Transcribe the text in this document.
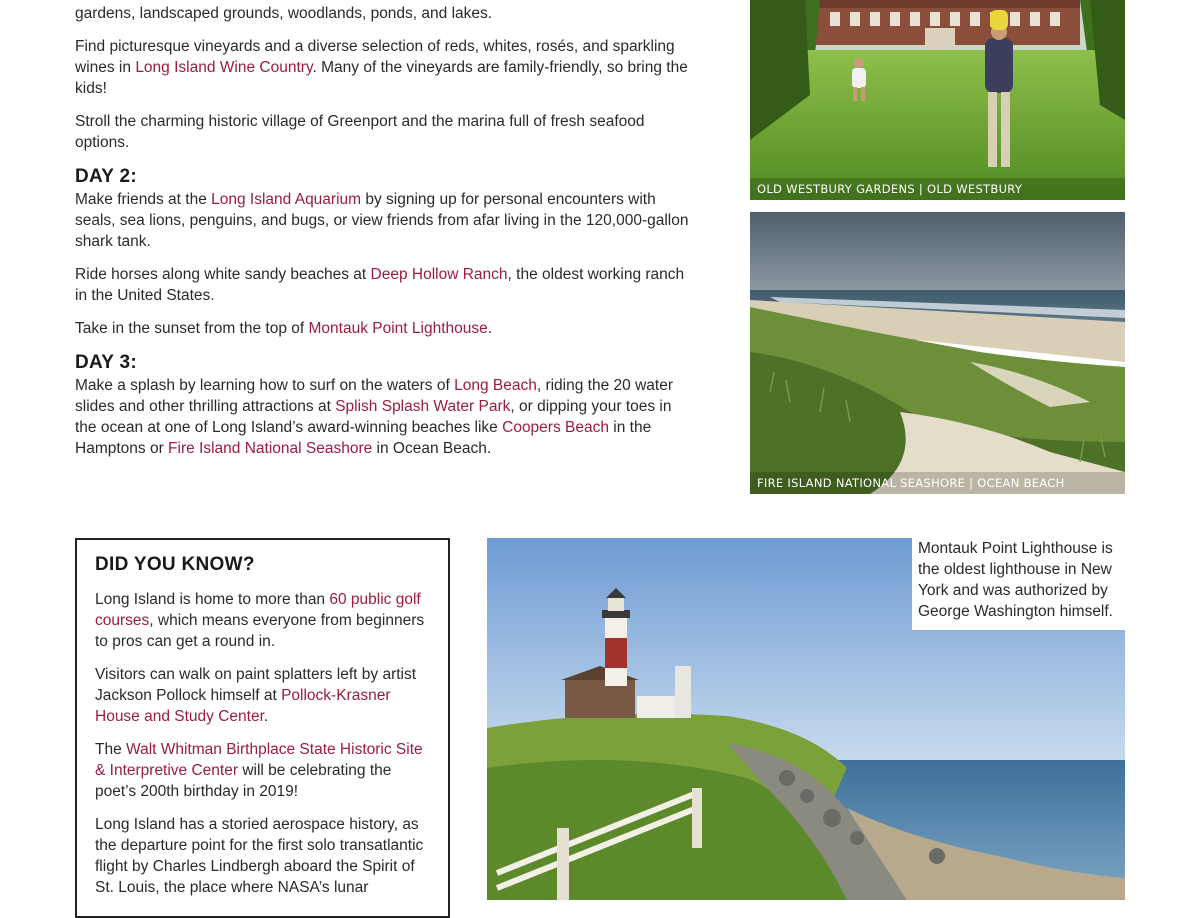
gardens, landscaped grounds, woodlands, ponds, and lakes.

Find picturesque vineyards and a diverse selection of reds, whites, rosés, and sparkling wines in Long Island Wine Country. Many of the vineyards are family-friendly, so bring the kids!

Stroll the charming historic village of Greenport and the marina full of fresh seafood options.

DAY 2:

Make friends at the Long Island Aquarium by signing up for personal encounters with seals, sea lions, penguins, and bugs, or view friends from afar living in the 120,000-gallon shark tank.

Ride horses along white sandy beaches at Deep Hollow Ranch, the oldest working ranch in the United States.

Take in the sunset from the top of Montauk Point Lighthouse.

DAY 3:

Make a splash by learning how to surf on the waters of Long Beach, riding the 20 water slides and other thrilling attractions at Splish Splash Water Park, or dipping your toes in the ocean at one of Long Island’s award-winning beaches like Coopers Beach in the Hamptons or Fire Island National Seashore in Ocean Beach.

OLD WESTBURY GARDENS | OLD WESTBURY
FIRE ISLAND NATIONAL SEASHORE | OCEAN BEACH
DID YOU KNOW?

Long Island is home to more than 60 public golf courses, which means everyone from beginners to pros can get a round in.

Visitors can walk on paint splatters left by artist Jackson Pollock himself at Pollock-Krasner House and Study Center.

The Walt Whitman Birthplace State Historic Site & Interpretive Center will be celebrating the poet’s 200th birthday in 2019!

Long Island has a storied aerospace history, as the departure point for the first solo transatlantic flight by Charles Lindbergh aboard the Spirit of St. Louis, the place where NASA’s lunar

Montauk Point Lighthouse is the oldest lighthouse in New York and was authorized by George Washington himself.
